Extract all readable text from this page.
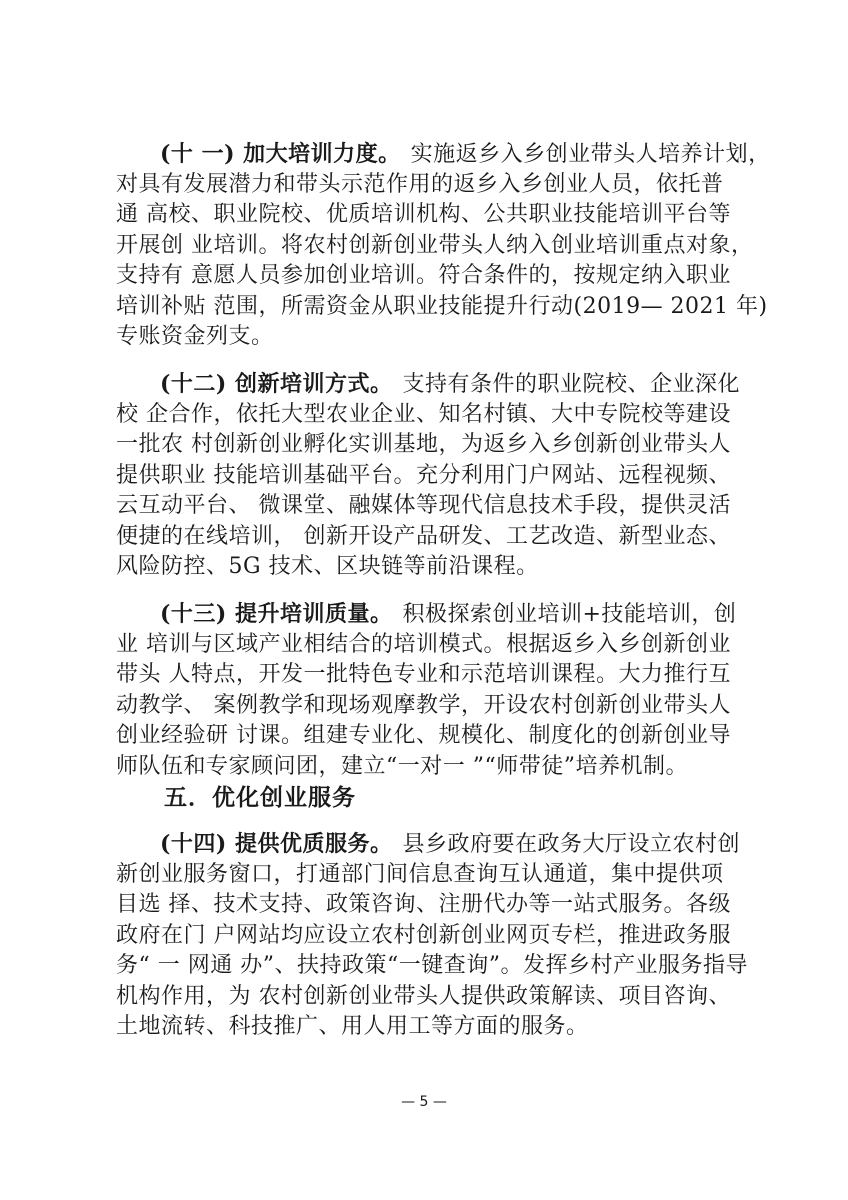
(十 一) 加大培训力度。 实施返乡入乡创业带头人培养计划，
对具有发展潜力和带头示范作用的返乡入乡创业人员，依托普
通 高校、职业院校、优质培训机构、公共职业技能培训平台等
开展创 业培训。将农村创新创业带头人纳入创业培训重点对象，
支持有 意愿人员参加创业培训。符合条件的，按规定纳入职业
培训补贴 范围，所需资金从职业技能提升行动(2019— 2021 年)
专账资金列支。
(十二) 创新培训方式。 支持有条件的职业院校、企业深化
校 企合作，依托大型农业企业、知名村镇、大中专院校等建设
一批农 村创新创业孵化实训基地，为返乡入乡创新创业带头人
提供职业 技能培训基础平台。充分利用门户网站、远程视频、
云互动平台、 微课堂、融媒体等现代信息技术手段，提供灵活
便捷的在线培训， 创新开设产品研发、工艺改造、新型业态、
风险防控、5G 技术、区块链等前沿课程。
(十三) 提升培训质量。 积极探索创业培训+技能培训，创
业 培训与区域产业相结合的培训模式。根据返乡入乡创新创业
带头 人特点，开发一批特色专业和示范培训课程。大力推行互
动教学、 案例教学和现场观摩教学，开设农村创新创业带头人
创业经验研 讨课。组建专业化、规模化、制度化的创新创业导
师队伍和专家顾问团，建立“一对一 ”“师带徒”培养机制。
五．优化创业服务
(十四) 提供优质服务。 县乡政府要在政务大厅设立农村创
新创业服务窗口，打通部门间信息查询互认通道，集中提供项
目选 择、技术支持、政策咨询、注册代办等一站式服务。各级
政府在门 户网站均应设立农村创新创业网页专栏，推进政务服
务“ 一 网通 办”、扶持政策“一键查询”。发挥乡村产业服务指导
机构作用，为 农村创新创业带头人提供政策解读、项目咨询、
土地流转、科技推广、用人用工等方面的服务。
— 5 —
